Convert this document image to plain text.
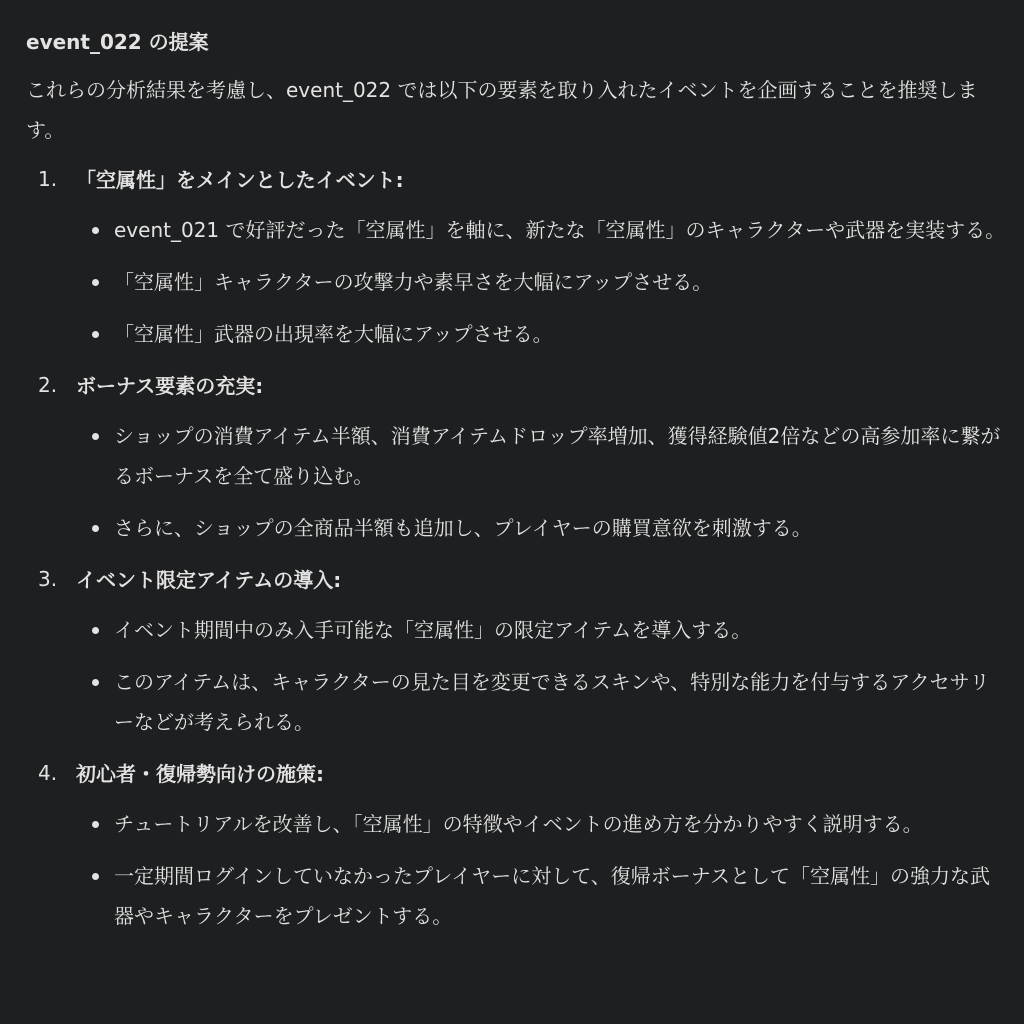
event_022 の提案
これらの分析結果を考慮し、event_022 では以下の要素を取り入れたイベントを企画することを推奨します。
1. 「空属性」をメインとしたイベント:
event_021 で好評だった「空属性」を軸に、新たな「空属性」のキャラクターや武器を実装する。
「空属性」キャラクターの攻撃力や素早さを大幅にアップさせる。
「空属性」武器の出現率を大幅にアップさせる。
2. ボーナス要素の充実:
ショップの消費アイテム半額、消費アイテムドロップ率増加、獲得経験値2倍などの高参加率に繋がるボーナスを全て盛り込む。
さらに、ショップの全商品半額も追加し、プレイヤーの購買意欲を刺激する。
3. イベント限定アイテムの導入:
イベント期間中のみ入手可能な「空属性」の限定アイテムを導入する。
このアイテムは、キャラクターの見た目を変更できるスキンや、特別な能力を付与するアクセサリーなどが考えられる。
4. 初心者・復帰勢向けの施策:
チュートリアルを改善し、「空属性」の特徴やイベントの進め方を分かりやすく説明する。
一定期間ログインしていなかったプレイヤーに対して、復帰ボーナスとして「空属性」の強力な武器やキャラクターをプレゼントする。
